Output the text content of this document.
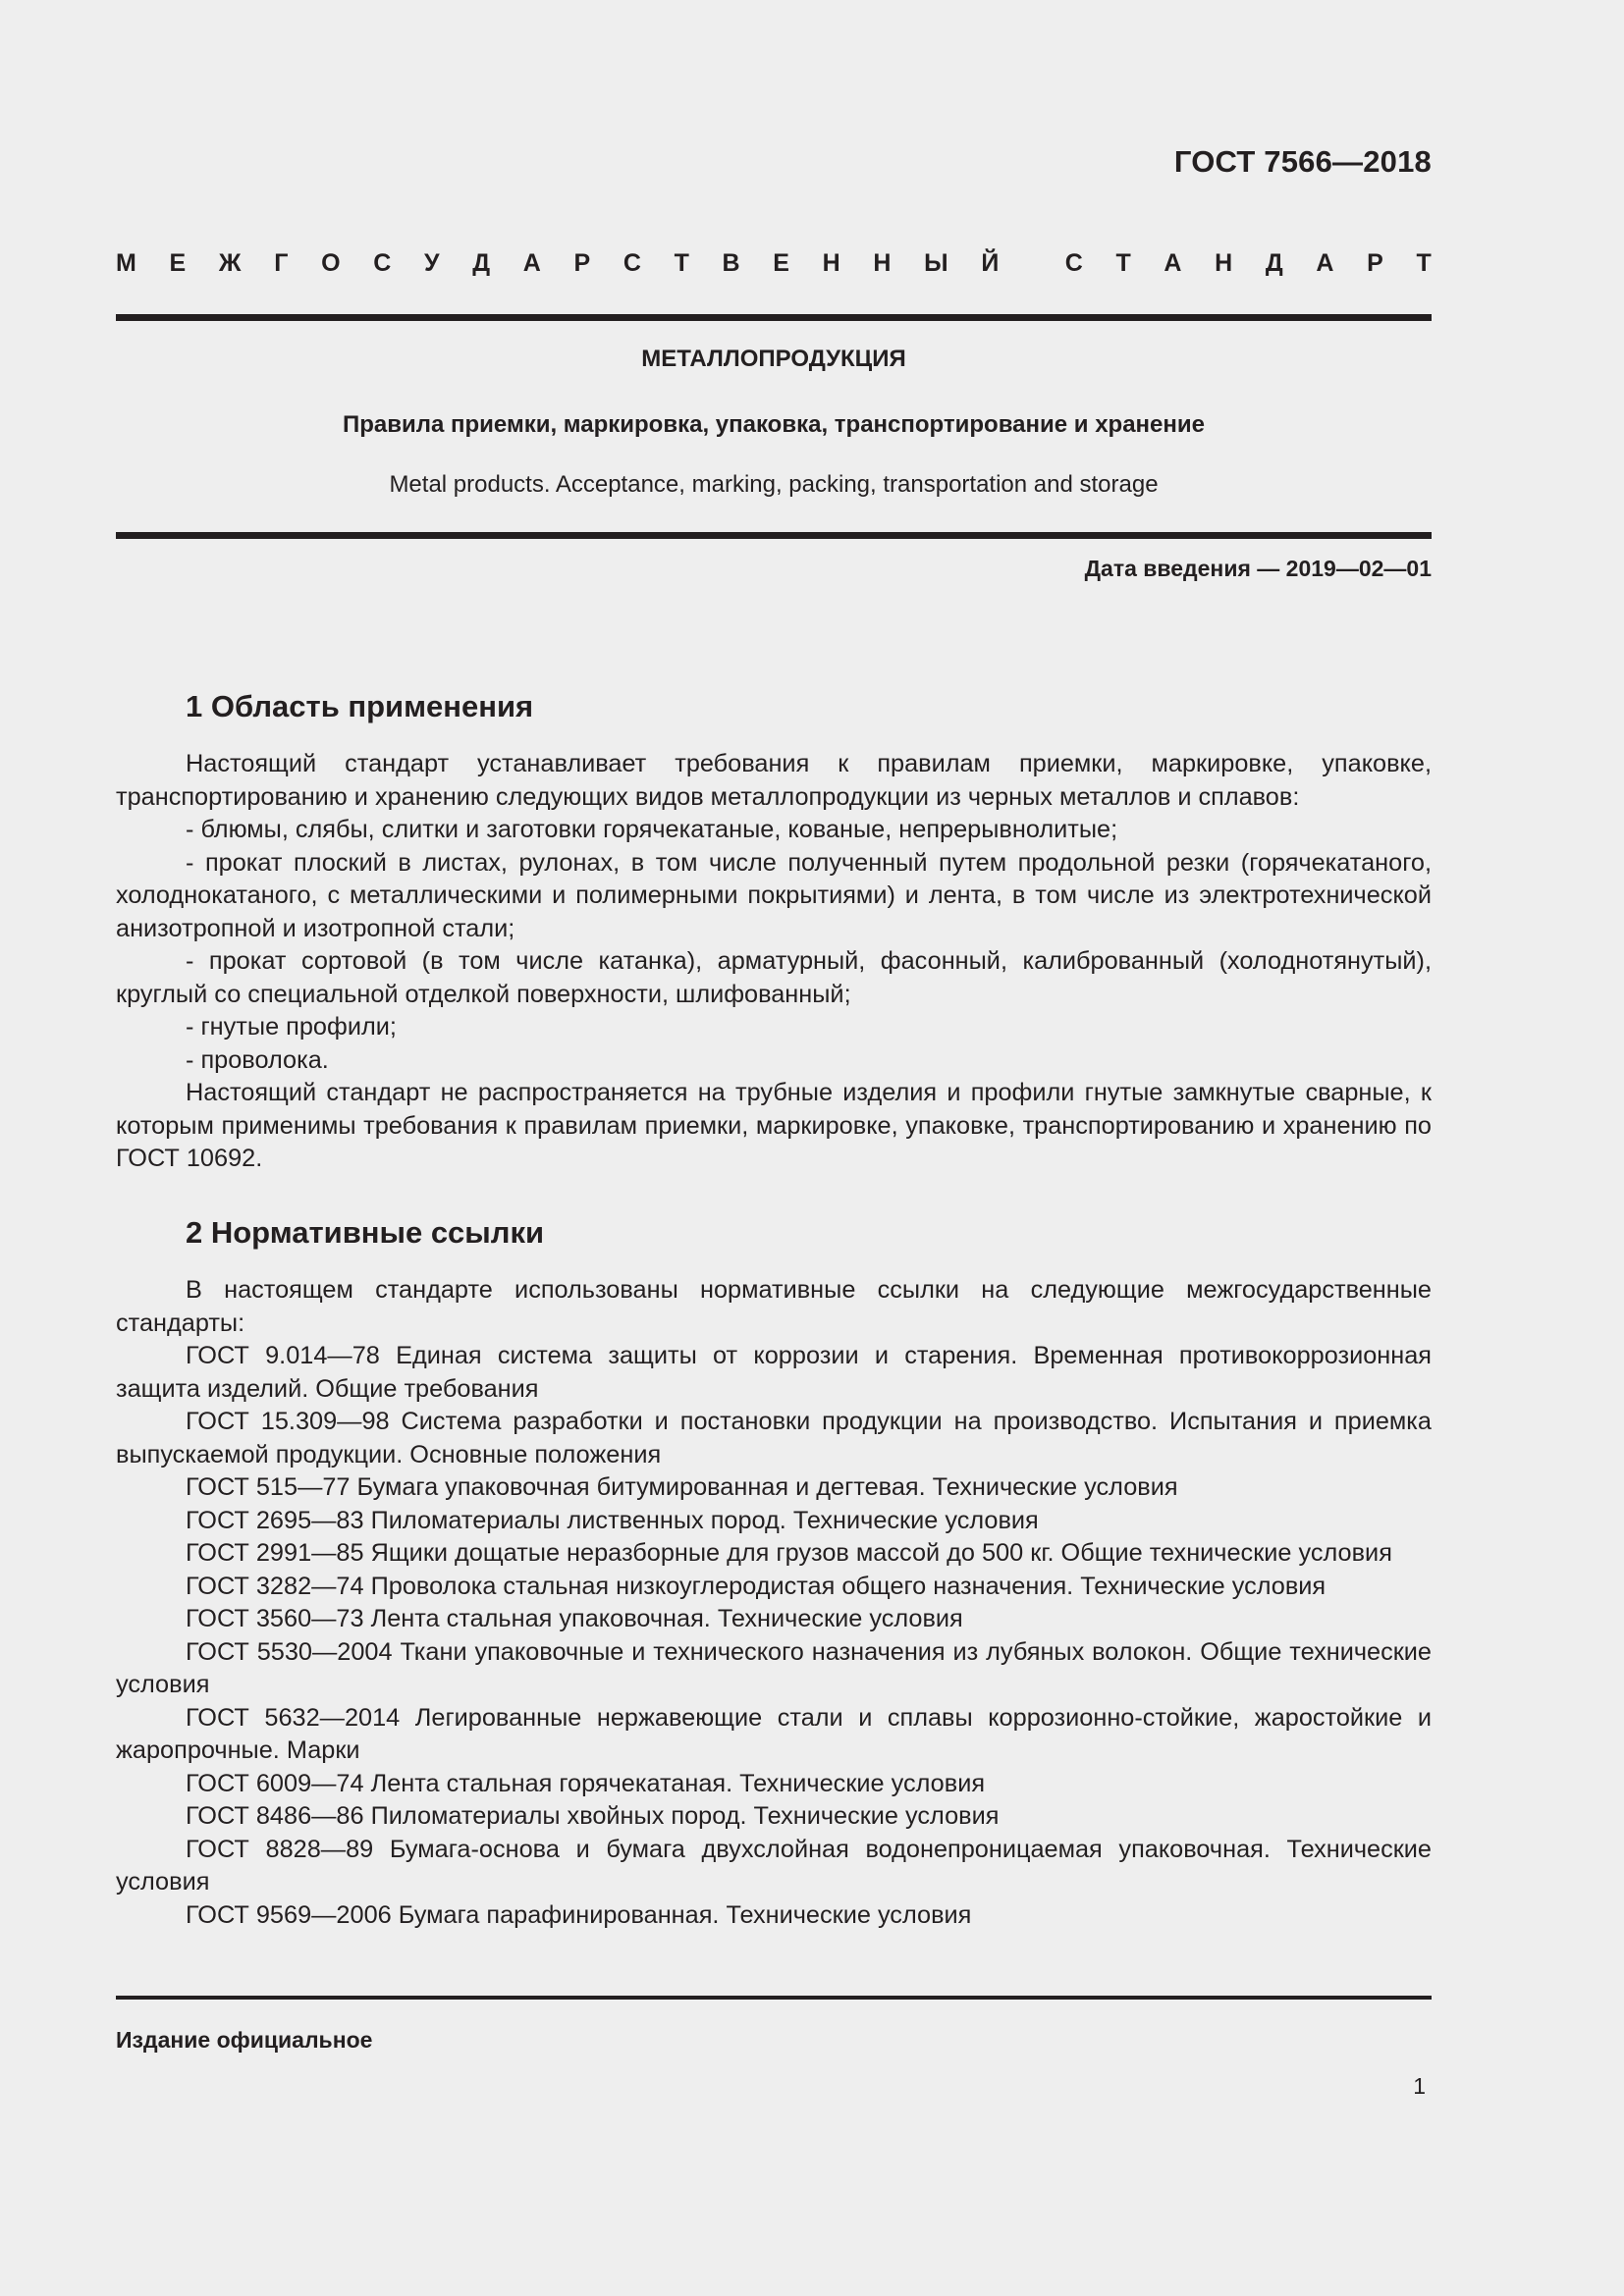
ГОСТ 7566—2018
М Е Ж Г О С У Д А Р С Т В Е Н Н Ы Й	С Т А Н Д А Р Т
МЕТАЛЛОПРОДУКЦИЯ
Правила приемки, маркировка, упаковка, транспортирование и хранение
Metal products. Acceptance, marking, packing, transportation and storage
Дата введения — 2019—02—01
1 Область применения

Настоящий стандарт устанавливает требования к правилам приемки, маркировке, упаковке, транспортированию и хранению следующих видов металлопродукции из черных металлов и сплавов:

- блюмы, слябы, слитки и заготовки горячекатаные, кованые, непрерывнолитые;

- прокат плоский в листах, рулонах, в том числе полученный путем продольной резки (горячекатаного, холоднокатаного, с металлическими и полимерными покрытиями) и лента, в том числе из электротехнической анизотропной и изотропной стали;

- прокат сортовой (в том числе катанка), арматурный, фасонный, калиброванный (холоднотянутый), круглый со специальной отделкой поверхности, шлифованный;

- гнутые профили;

- проволока.

Настоящий стандарт не распространяется на трубные изделия и профили гнутые замкнутые сварные, к которым применимы требования к правилам приемки, маркировке, упаковке, транспортированию и хранению по ГОСТ 10692.

2 Нормативные ссылки

В настоящем стандарте использованы нормативные ссылки на следующие межгосударственные стандарты:

ГОСТ 9.014—78 Единая система защиты от коррозии и старения. Временная противокоррозионная защита изделий. Общие требования

ГОСТ 15.309—98 Система разработки и постановки продукции на производство. Испытания и приемка выпускаемой продукции. Основные положения

ГОСТ 515—77 Бумага упаковочная битумированная и дегтевая. Технические условия

ГОСТ 2695—83 Пиломатериалы лиственных пород. Технические условия

ГОСТ 2991—85 Ящики дощатые неразборные для грузов массой до 500 кг. Общие технические условия

ГОСТ 3282—74 Проволока стальная низкоуглеродистая общего назначения. Технические условия

ГОСТ 3560—73 Лента стальная упаковочная. Технические условия

ГОСТ 5530—2004 Ткани упаковочные и технического назначения из лубяных волокон. Общие технические условия

ГОСТ 5632—2014 Легированные нержавеющие стали и сплавы коррозионно-стойкие, жаростойкие и жаропрочные. Марки

ГОСТ 6009—74 Лента стальная горячекатаная. Технические условия

ГОСТ 8486—86 Пиломатериалы хвойных пород. Технические условия

ГОСТ 8828—89 Бумага-основа и бумага двухслойная водонепроницаемая упаковочная. Технические условия

ГОСТ 9569—2006 Бумага парафинированная. Технические условия

Издание официальное
1
